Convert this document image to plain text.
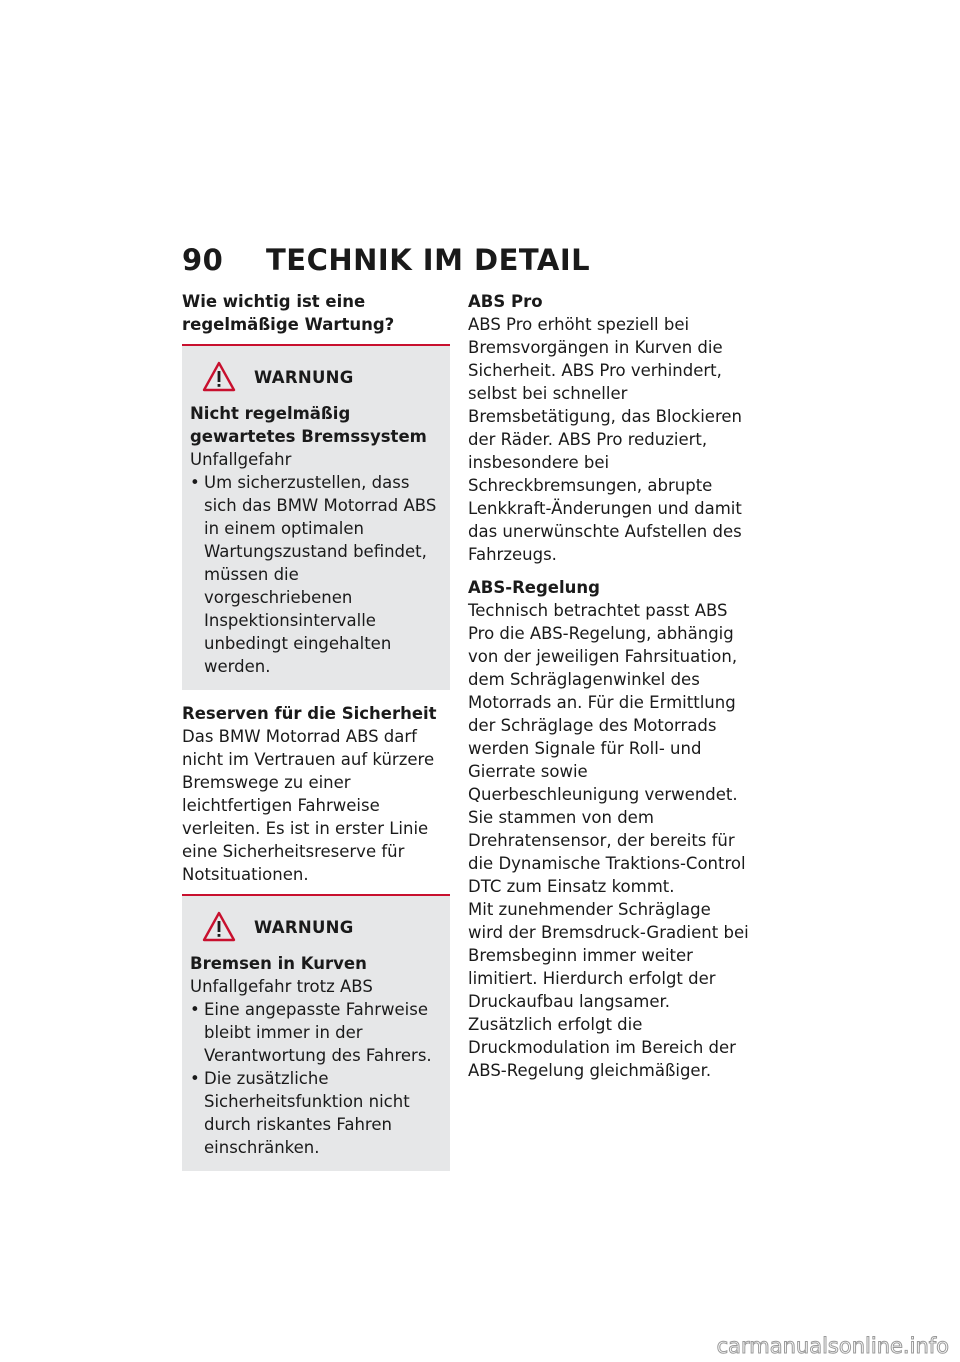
90 TECHNIK IM DETAIL
Wie wichtig ist eine regelmäßige Wartung?
WARNUNG
Nicht regelmäßig gewartetes Bremssystem
Unfallgefahr
• Um sicherzustellen, dass sich das BMW Motorrad ABS in einem optimalen Wartungszustand befindet, müssen die vorgeschriebenen Inspektionsintervalle unbedingt eingehalten werden.
Reserven für die Sicherheit
Das BMW Motorrad ABS darf nicht im Vertrauen auf kürzere Bremswege zu einer leichtfertigen Fahrweise verleiten. Es ist in erster Linie eine Sicherheitsreserve für Notsituationen.
WARNUNG
Bremsen in Kurven
Unfallgefahr trotz ABS
• Eine angepasste Fahrweise bleibt immer in der Verantwortung des Fahrers.
• Die zusätzliche Sicherheitsfunktion nicht durch riskantes Fahren einschränken.
ABS Pro
ABS Pro erhöht speziell bei Bremsvorgängen in Kurven die Sicherheit. ABS Pro verhindert, selbst bei schneller Bremsbetätigung, das Blockieren der Räder. ABS Pro reduziert, insbesondere bei Schreckbremsungen, abrupte Lenkkraft-Änderungen und damit das unerwünschte Aufstellen des Fahrzeugs.
ABS-Regelung
Technisch betrachtet passt ABS Pro die ABS-Regelung, abhängig von der jeweiligen Fahrsituation, dem Schräglagenwinkel des Motorrads an. Für die Ermittlung der Schräglage des Motorrads werden Signale für Roll- und Gierrate sowie Querbeschleunigung verwendet. Sie stammen von dem Drehratensensor, der bereits für die Dynamische Traktions-Control DTC zum Einsatz kommt.
Mit zunehmender Schräglage wird der Bremsdruck-Gradient bei Bremsbeginn immer weiter limitiert. Hierdurch erfolgt der Druckaufbau langsamer. Zusätzlich erfolgt die Druckmodulation im Bereich der ABS-Regelung gleichmäßiger.
carmanualsonline.info
